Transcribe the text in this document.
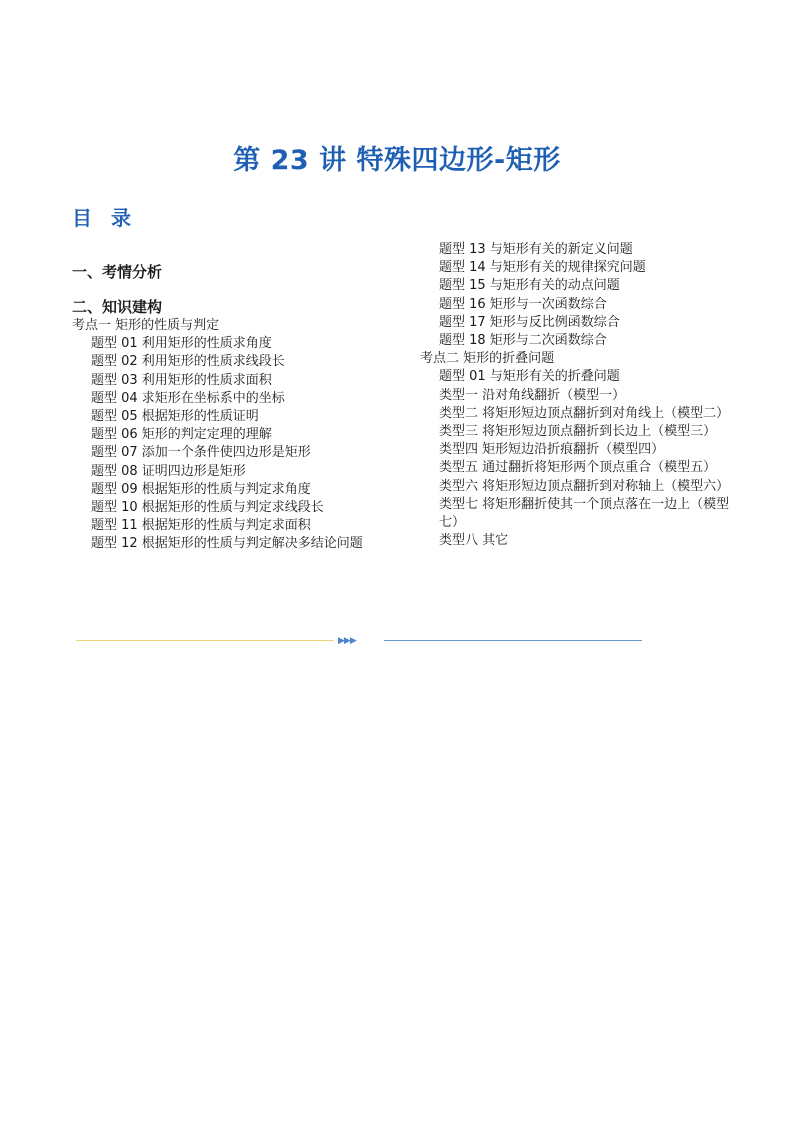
第 23 讲 特殊四边形-矩形
目 录
一、考情分析
二、知识建构
考点一 矩形的性质与判定
题型 01 利用矩形的性质求角度
题型 02 利用矩形的性质求线段长
题型 03 利用矩形的性质求面积
题型 04 求矩形在坐标系中的坐标
题型 05 根据矩形的性质证明
题型 06 矩形的判定定理的理解
题型 07 添加一个条件使四边形是矩形
题型 08 证明四边形是矩形
题型 09 根据矩形的性质与判定求角度
题型 10 根据矩形的性质与判定求线段长
题型 11 根据矩形的性质与判定求面积
题型 12 根据矩形的性质与判定解决多结论问题
题型 13 与矩形有关的新定义问题
题型 14 与矩形有关的规律探究问题
题型 15 与矩形有关的动点问题
题型 16 矩形与一次函数综合
题型 17 矩形与反比例函数综合
题型 18 矩形与二次函数综合
考点二 矩形的折叠问题
题型 01 与矩形有关的折叠问题
类型一 沿对角线翻折（模型一）
类型二 将矩形短边顶点翻折到对角线上（模型二）
类型三 将矩形短边顶点翻折到长边上（模型三）
类型四 矩形短边沿折痕翻折（模型四）
类型五 通过翻折将矩形两个顶点重合（模型五）
类型六 将矩形短边顶点翻折到对称轴上（模型六）
类型七 将矩形翻折使其一个顶点落在一边上（模型七）
类型八 其它
▶▶▶
